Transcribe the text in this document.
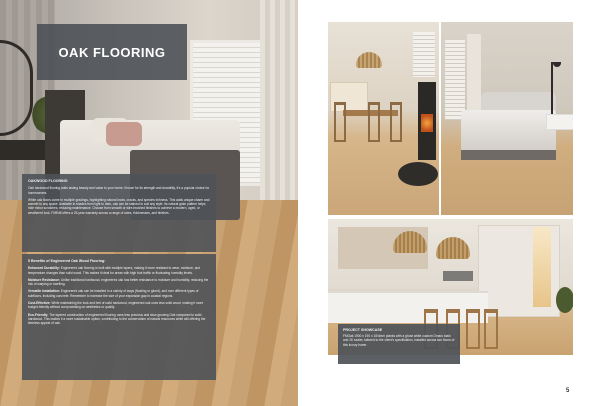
OAK FLOORING

OAKWOOD FLOORING

Oak hardwood flooring adds lasting beauty and value to your home. Known for its strength and durability, it's a popular choice for homeowners.

White oak floors come in multiple gradings, highlighting natural knots, cracks, and species richness. This adds unique charm and warmth to any space. Available in shades from light to dark, oak can be stained to suit any style. Its natural grain pattern helps hide minor scratches, reducing maintenance. Choose from smooth or wire-brushed finishes to achieve a modern, aged, or weathered look. FMEdit offers a 25-year warranty across a range of sizes, thicknesses, and finishes.

5 Benefits of Engineered Oak Wood Flooring:

Enhanced Durability: Engineered oak flooring is built with multiple layers, making it more resistant to wear, moisture, and temperature changes than solid wood. This makes it ideal for areas with high foot traffic or fluctuating humidity levels.

Moisture Resistance: Unlike traditional hardwood, engineered oak has better resistance to moisture and humidity, reducing the risk of warping or swelling.

Versatile Installation: Engineered oak can be installed in a variety of ways (floating or glued), and over different types of subfloors, including concrete. Remember to increase the size of your expansion gap in coastal regions.

Cost-Effective: While maintaining the look and feel of solid hardwood, engineered oak uses less solid wood, making it more budget-friendly without compromising on aesthetics or quality.

Eco-Friendly: The layered construction of engineered flooring uses less precious and slow-growing Oak compared to solid hardwood. This makes it a more sustainable option, contributing to the conservation of natural resources while still offering the timeless appeal of oak.

PROJECT SHOWCASE
FMOak 1900 x 190 x 15/4mm planks with a ghost white custom Omaro stain and 2K sealer, tailored to the client's specification, installed across two floors of this luxury home.
5
